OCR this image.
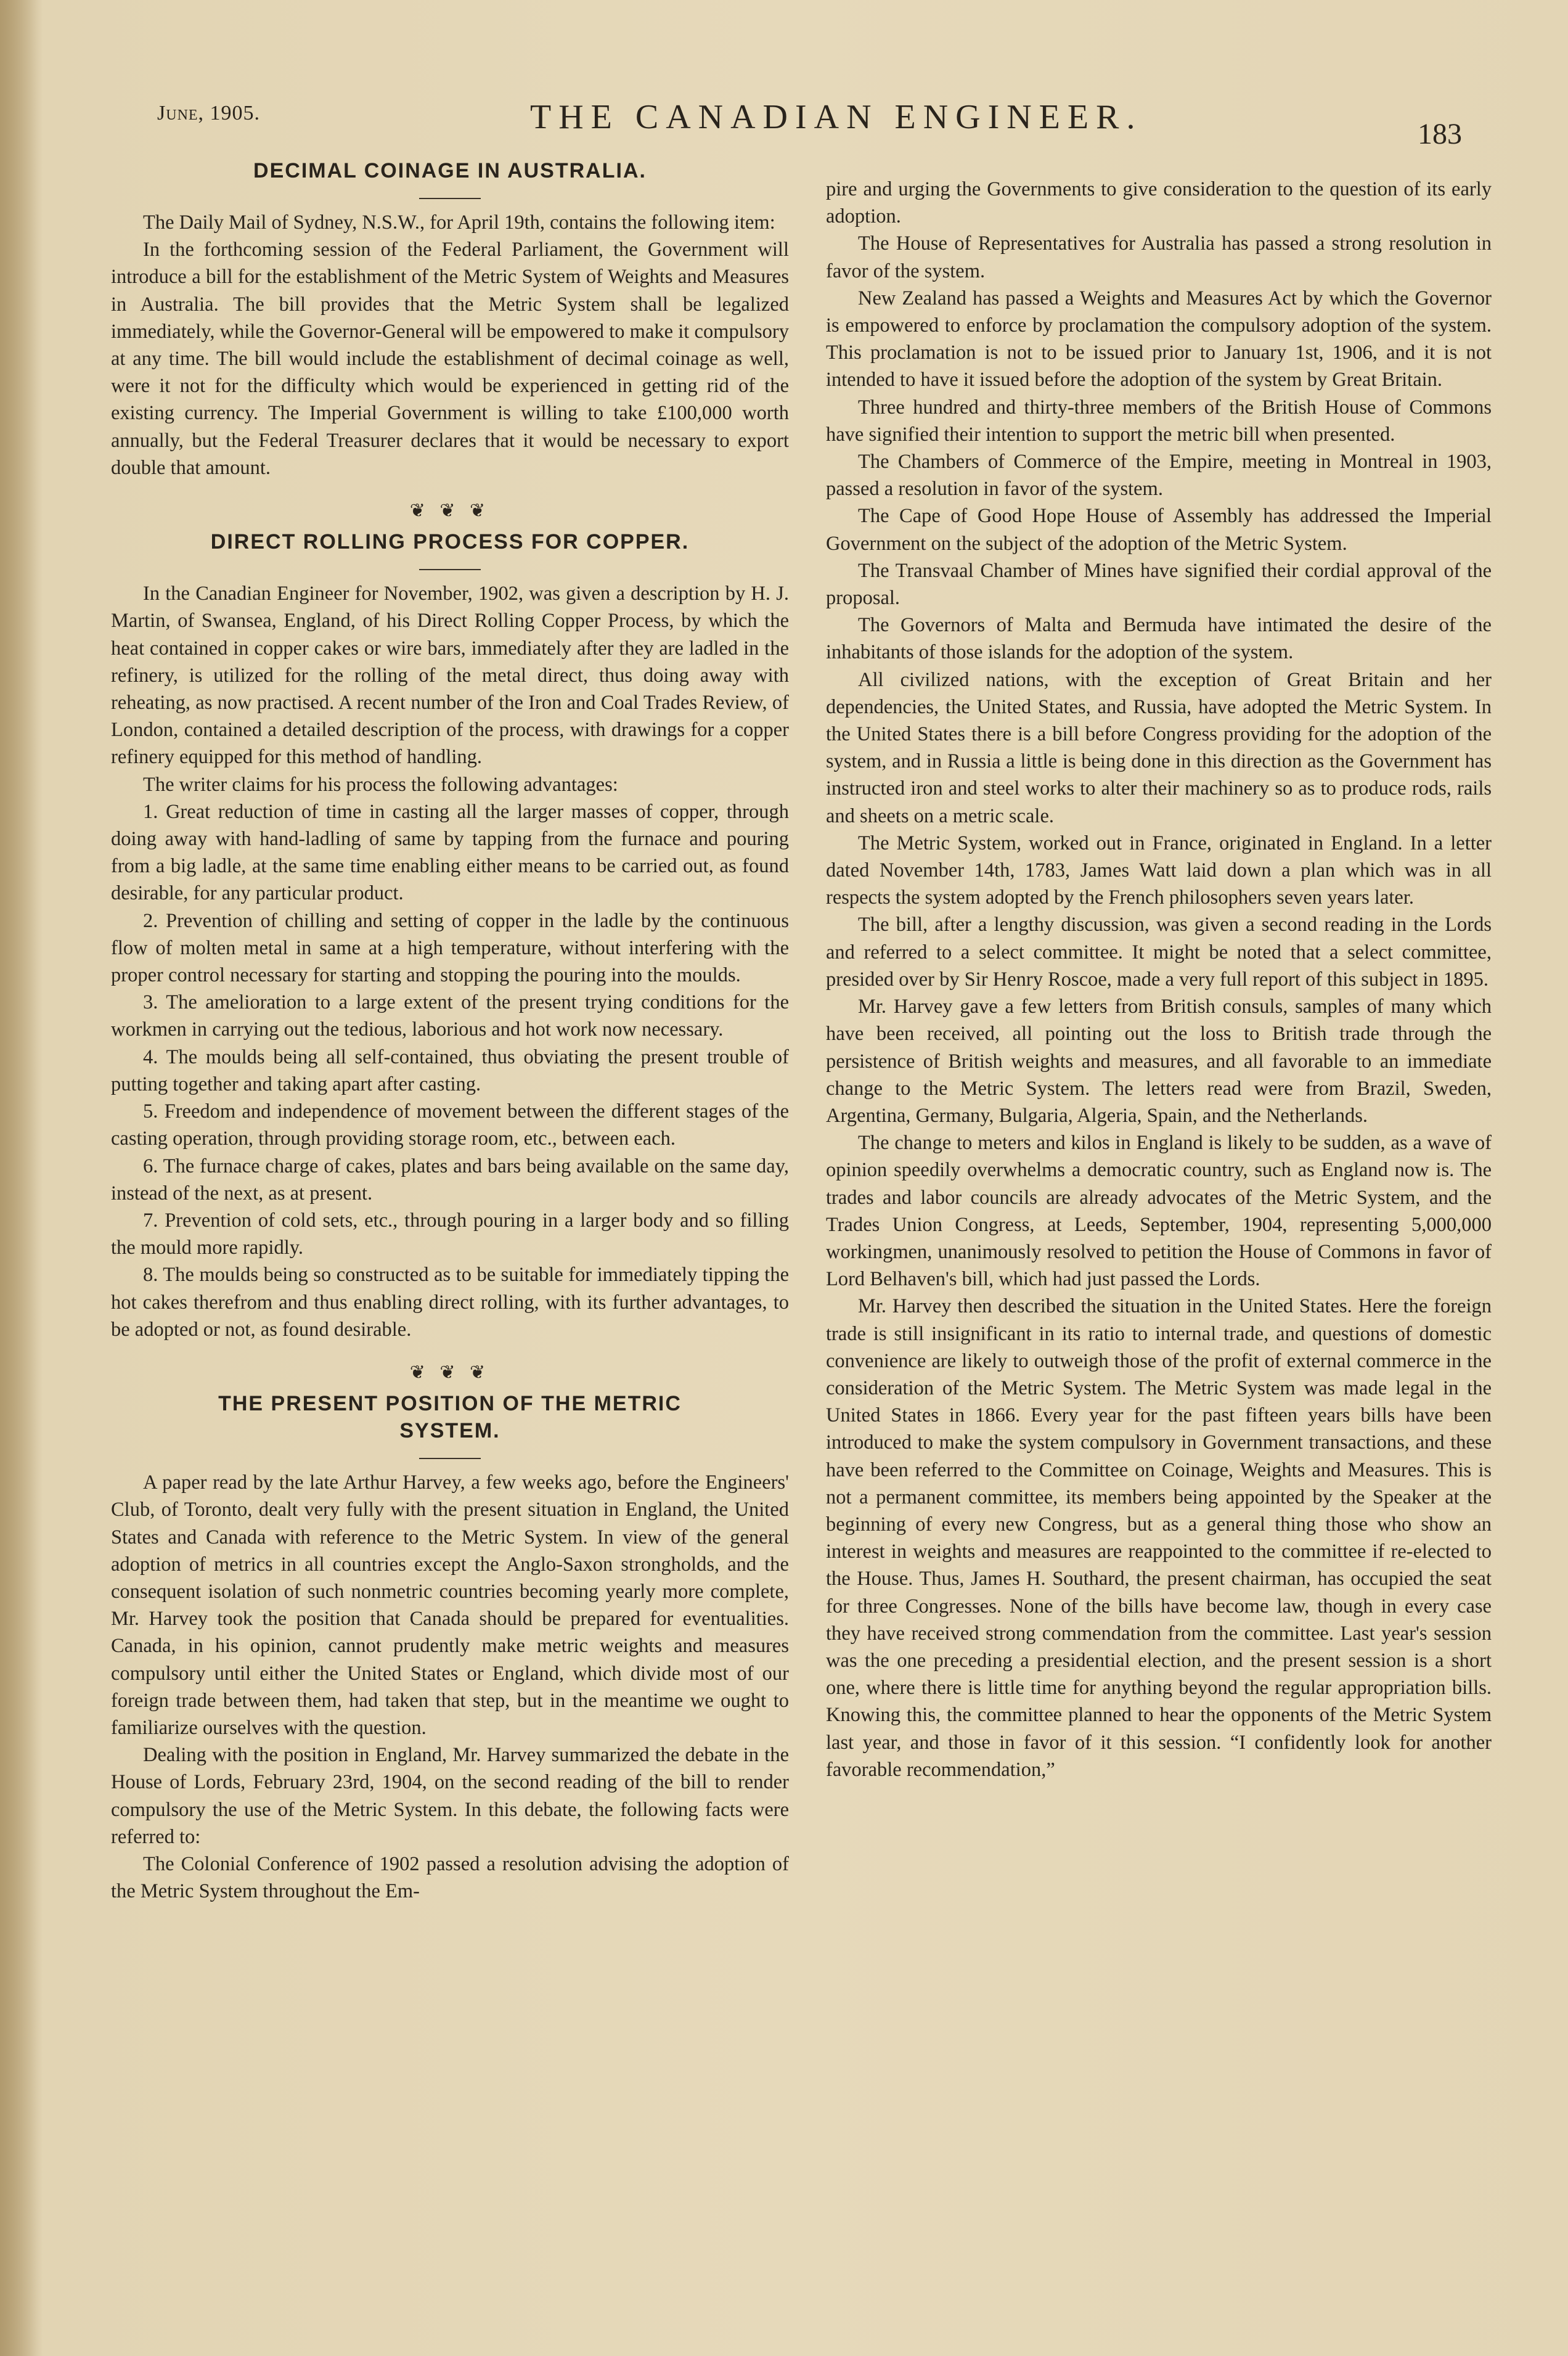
June, 1905.	THE CANADIAN ENGINEER.	183
DECIMAL COINAGE IN AUSTRALIA.

The Daily Mail of Sydney, N.S.W., for April 19th, contains the following item:

In the forthcoming session of the Federal Parliament, the Government will introduce a bill for the establishment of the Metric System of Weights and Measures in Australia. The bill provides that the Metric System shall be legalized immediately, while the Governor-General will be empowered to make it compulsory at any time. The bill would include the establishment of decimal coinage as well, were it not for the difficulty which would be experienced in getting rid of the existing currency. The Imperial Government is willing to take £100,000 worth annually, but the Federal Treasurer declares that it would be necessary to export double that amount.

❦ ❦ ❦
DIRECT ROLLING PROCESS FOR COPPER.

In the Canadian Engineer for November, 1902, was given a description by H. J. Martin, of Swansea, England, of his Direct Rolling Copper Process, by which the heat contained in copper cakes or wire bars, immediately after they are ladled in the refinery, is utilized for the rolling of the metal direct, thus doing away with reheating, as now practised. A recent number of the Iron and Coal Trades Review, of London, contained a detailed description of the process, with drawings for a copper refinery equipped for this method of handling.

The writer claims for his process the following advantages:

1. Great reduction of time in casting all the larger masses of copper, through doing away with hand-ladling of same by tapping from the furnace and pouring from a big ladle, at the same time enabling either means to be carried out, as found desirable, for any particular product.

2. Prevention of chilling and setting of copper in the ladle by the continuous flow of molten metal in same at a high temperature, without interfering with the proper control necessary for starting and stopping the pouring into the moulds.

3. The amelioration to a large extent of the present trying conditions for the workmen in carrying out the tedious, laborious and hot work now necessary.

4. The moulds being all self-contained, thus obviating the present trouble of putting together and taking apart after casting.

5. Freedom and independence of movement between the different stages of the casting operation, through providing storage room, etc., between each.

6. The furnace charge of cakes, plates and bars being available on the same day, instead of the next, as at present.

7. Prevention of cold sets, etc., through pouring in a larger body and so filling the mould more rapidly.

8. The moulds being so constructed as to be suitable for immediately tipping the hot cakes therefrom and thus enabling direct rolling, with its further advantages, to be adopted or not, as found desirable.

❦ ❦ ❦
THE PRESENT POSITION OF THE METRIC
SYSTEM.

A paper read by the late Arthur Harvey, a few weeks ago, before the Engineers' Club, of Toronto, dealt very fully with the present situation in England, the United States and Canada with reference to the Metric System. In view of the general adoption of metrics in all countries except the Anglo-Saxon strongholds, and the consequent isolation of such nonmetric countries becoming yearly more complete, Mr. Harvey took the position that Canada should be prepared for eventualities. Canada, in his opinion, cannot prudently make metric weights and measures compulsory until either the United States or England, which divide most of our foreign trade between them, had taken that step, but in the meantime we ought to familiarize ourselves with the question.

Dealing with the position in England, Mr. Harvey summarized the debate in the House of Lords, February 23rd, 1904, on the second reading of the bill to render compulsory the use of the Metric System. In this debate, the following facts were referred to:

The Colonial Conference of 1902 passed a resolution advising the adoption of the Metric System throughout the Em-

pire and urging the Governments to give consideration to the question of its early adoption.

The House of Representatives for Australia has passed a strong resolution in favor of the system.

New Zealand has passed a Weights and Measures Act by which the Governor is empowered to enforce by proclamation the compulsory adoption of the system. This proclamation is not to be issued prior to January 1st, 1906, and it is not intended to have it issued before the adoption of the system by Great Britain.

Three hundred and thirty-three members of the British House of Commons have signified their intention to support the metric bill when presented.

The Chambers of Commerce of the Empire, meeting in Montreal in 1903, passed a resolution in favor of the system.

The Cape of Good Hope House of Assembly has addressed the Imperial Government on the subject of the adoption of the Metric System.

The Transvaal Chamber of Mines have signified their cordial approval of the proposal.

The Governors of Malta and Bermuda have intimated the desire of the inhabitants of those islands for the adoption of the system.

All civilized nations, with the exception of Great Britain and her dependencies, the United States, and Russia, have adopted the Metric System. In the United States there is a bill before Congress providing for the adoption of the system, and in Russia a little is being done in this direction as the Government has instructed iron and steel works to alter their machinery so as to produce rods, rails and sheets on a metric scale.

The Metric System, worked out in France, originated in England. In a letter dated November 14th, 1783, James Watt laid down a plan which was in all respects the system adopted by the French philosophers seven years later.

The bill, after a lengthy discussion, was given a second reading in the Lords and referred to a select committee. It might be noted that a select committee, presided over by Sir Henry Roscoe, made a very full report of this subject in 1895.

Mr. Harvey gave a few letters from British consuls, samples of many which have been received, all pointing out the loss to British trade through the persistence of British weights and measures, and all favorable to an immediate change to the Metric System. The letters read were from Brazil, Sweden, Argentina, Germany, Bulgaria, Algeria, Spain, and the Netherlands.

The change to meters and kilos in England is likely to be sudden, as a wave of opinion speedily overwhelms a democratic country, such as England now is. The trades and labor councils are already advocates of the Metric System, and the Trades Union Congress, at Leeds, September, 1904, representing 5,000,000 workingmen, unanimously resolved to petition the House of Commons in favor of Lord Belhaven's bill, which had just passed the Lords.

Mr. Harvey then described the situation in the United States. Here the foreign trade is still insignificant in its ratio to internal trade, and questions of domestic convenience are likely to outweigh those of the profit of external commerce in the consideration of the Metric System. The Metric System was made legal in the United States in 1866. Every year for the past fifteen years bills have been introduced to make the system compulsory in Government transactions, and these have been referred to the Committee on Coinage, Weights and Measures. This is not a permanent committee, its members being appointed by the Speaker at the beginning of every new Congress, but as a general thing those who show an interest in weights and measures are reappointed to the committee if re-elected to the House. Thus, James H. Southard, the present chairman, has occupied the seat for three Congresses. None of the bills have become law, though in every case they have received strong commendation from the committee. Last year's session was the one preceding a presidential election, and the present session is a short one, where there is little time for anything beyond the regular appropriation bills. Knowing this, the committee planned to hear the opponents of the Metric System last year, and those in favor of it this session. “I confidently look for another favorable recommendation,”
